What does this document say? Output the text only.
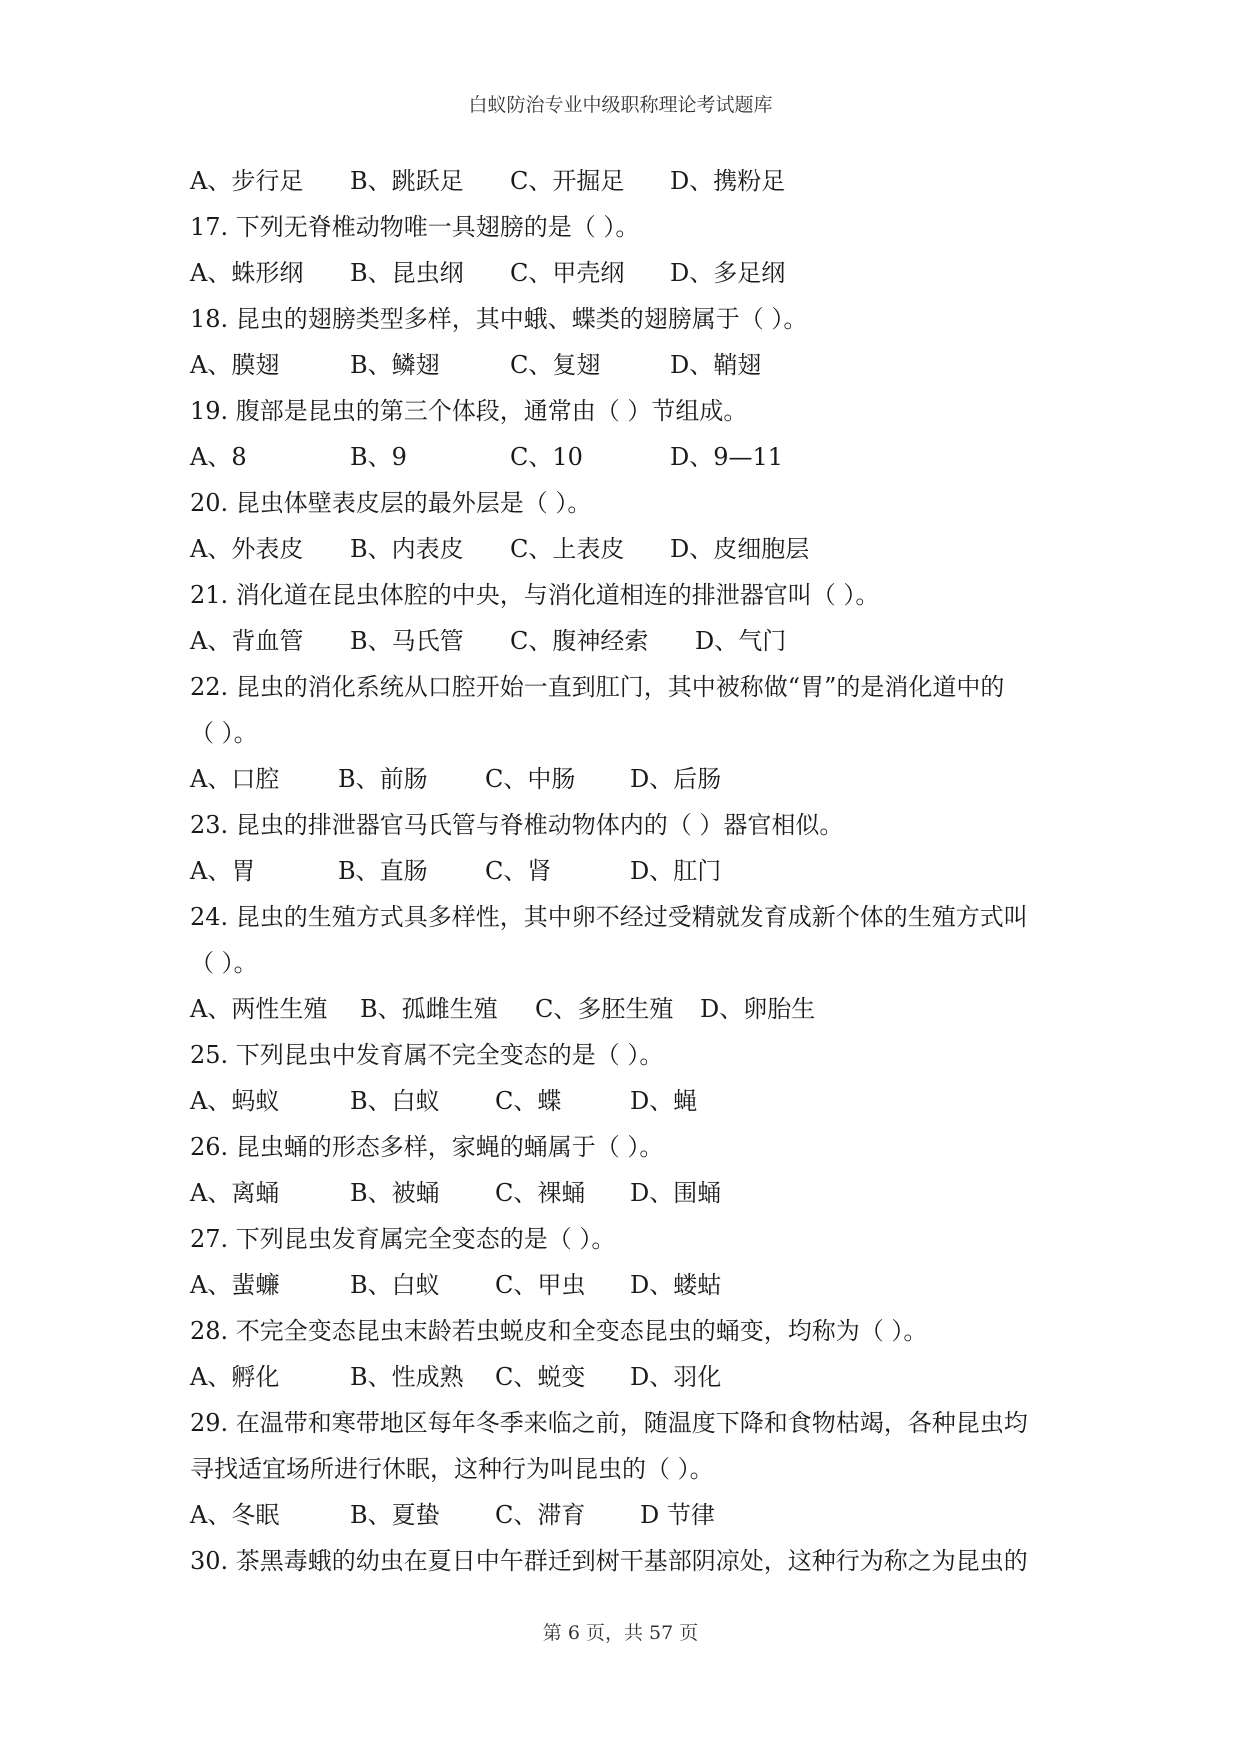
白蚁防治专业中级职称理论考试题库
A、步行足 B、跳跃足 C、开掘足 D、携粉足
17. 下列无脊椎动物唯一具翅膀的是（ ）。
A、蛛形纲 B、昆虫纲 C、甲壳纲 D、多足纲
18. 昆虫的翅膀类型多样，其中蛾、蝶类的翅膀属于（ ）。
A、膜翅	B、鳞翅	C、复翅	D、鞘翅
19. 腹部是昆虫的第三个体段，通常由（ ）节组成。
A、8	B、9	C、10	D、9—11
20. 昆虫体壁表皮层的最外层是（ ）。
A、外表皮 B、内表皮 C、上表皮 D、皮细胞层
21. 消化道在昆虫体腔的中央，与消化道相连的排泄器官叫（ ）。
A、背血管 B、马氏管 C、腹神经索 D、气门
22. 昆虫的消化系统从口腔开始一直到肛门，其中被称做“胃”的是消化道中的
（ ）。
A、口腔 B、前肠 C、中肠 D、后肠
23. 昆虫的排泄器官马氏管与脊椎动物体内的（ ）器官相似。
A、胃	B、直肠 C、肾	D、肛门
24. 昆虫的生殖方式具多样性，其中卵不经过受精就发育成新个体的生殖方式叫
（ ）。
A、两性生殖 B、孤雌生殖 C、多胚生殖 D、卵胎生
25. 下列昆虫中发育属不完全变态的是（ ）。
A、蚂蚁	B、白蚁 C、蝶	D、蝇
26. 昆虫蛹的形态多样，家蝇的蛹属于（ ）。
A、离蛹	B、被蛹 C、裸蛹 D、围蛹
27. 下列昆虫发育属完全变态的是（ ）。
A、蜚蠊	B、白蚁 C、甲虫 D、蝼蛄
28. 不完全变态昆虫末龄若虫蜕皮和全变态昆虫的蛹变，均称为（ ）。
A、孵化	B、性成熟 C、蜕变 D、羽化
29. 在温带和寒带地区每年冬季来临之前，随温度下降和食物枯竭，各种昆虫均
寻找适宜场所进行休眠，这种行为叫昆虫的（ ）。
A、冬眠	B、夏蛰 C、滞育 D 节律
30. 茶黑毒蛾的幼虫在夏日中午群迁到树干基部阴凉处，这种行为称之为昆虫的
第 6 页，共 57 页
